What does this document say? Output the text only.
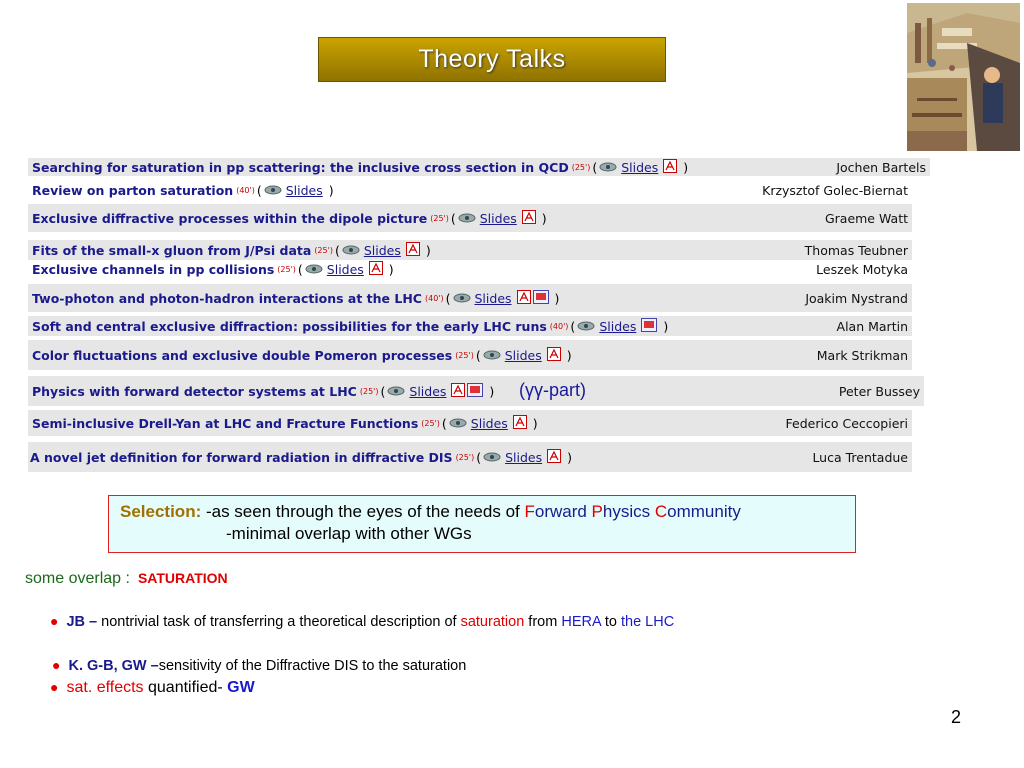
Theory Talks
Searching for saturation in pp scattering: the inclusive cross section in QCD (25') ( Slides )	Jochen Bartels
Review on parton saturation (40') ( Slides )	Krzysztof Golec-Biernat
Exclusive diffractive processes within the dipole picture (25') ( Slides )	Graeme Watt
Fits of the small-x gluon from J/Psi data (25') ( Slides )	Thomas Teubner
Exclusive channels in pp collisions (25') ( Slides )	Leszek Motyka
Two-photon and photon-hadron interactions at the LHC (40') ( Slides	)	Joakim Nystrand
Soft and central exclusive diffraction: possibilities for the early LHC runs (40') ( Slides )	Alan Martin
Color fluctuations and exclusive double Pomeron processes (25') ( Slides )	Mark Strikman
Physics with forward detector systems at LHC (25') ( Slides	)	Peter Bussey
(γγ-part)
Semi-inclusive Drell-Yan at LHC and Fracture Functions (25') ( Slides )	Federico Ceccopieri
A novel jet definition for forward radiation in diffractive DIS (25') ( Slides )	Luca Trentadue
Selection: -as seen through the eyes of the needs of Forward Physics Community
-minimal overlap with other WGs
some overlap : SATURATION
● JB – nontrivial task of transferring a theoretical description of saturation from HERA to the LHC
● K. G-B, GW –sensitivity of the Diffractive DIS to the saturation
● sat. effects quantified- GW
2
